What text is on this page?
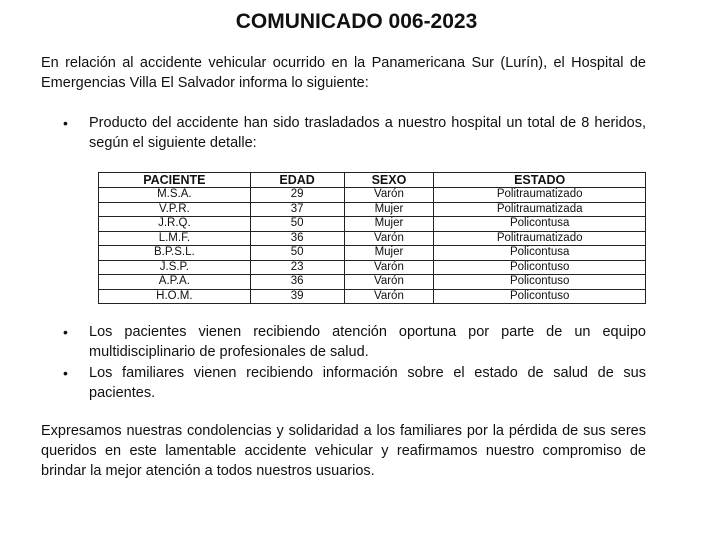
COMUNICADO 006-2023
En relación al accidente vehicular ocurrido en la Panamericana Sur (Lurín), el Hospital de Emergencias Villa El Salvador informa lo siguiente:
• Producto del accidente han sido trasladados a nuestro hospital un total de 8 heridos, según el siguiente detalle:
PACIENTE	EDAD	SEXO	ESTADO
M.S.A.	29	Varón	Politraumatizado
V.P.R.	37	Mujer	Politraumatizada
J.R.Q.	50	Mujer	Policontusa
L.M.F.	36	Varón	Politraumatizado
B.P.S.L.	50	Mujer	Policontusa
J.S.P.	23	Varón	Policontuso
A.P.A.	36	Varón	Policontuso
H.O.M.	39	Varón	Policontuso
• Los pacientes vienen recibiendo atención oportuna por parte de un equipo multidisciplinario de profesionales de salud.
• Los familiares vienen recibiendo información sobre el estado de salud de sus pacientes.
Expresamos nuestras condolencias y solidaridad a los familiares por la pérdida de sus seres queridos en este lamentable accidente vehicular y reafirmamos nuestro compromiso de brindar la mejor atención a todos nuestros usuarios.
